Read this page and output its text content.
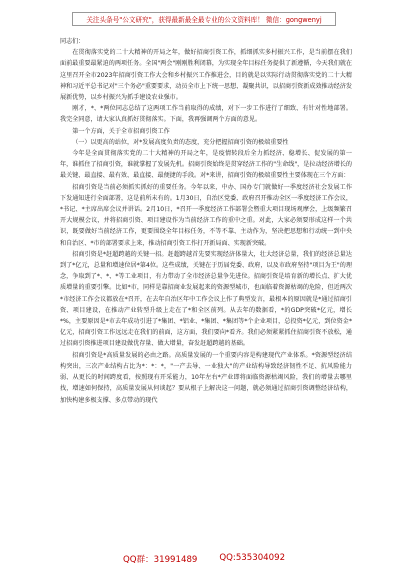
关注头条号"公文研究"，获得最新最全最专业的公文资料库！ 微信：gongwenyj

同志们：

在贯彻落实党的二十大精神的开局之年，做好招商引资工作，抓细抓实多村振兴工作，是当前摆在我们面前最重要最紧迫的两项任务。全国"两会"刚刚胜利闭幕，为实现全年目标任务提供了新遵循，今天我们就在这里召开全市2023年招商引资工作大会和乡村振兴工作推进会，目的就是以实际行动贯彻落实党的二十大精神和习近平总书记对"三个务必"重要要求，动员全市上下统一思想、凝聚共识，以招商引资新成效推动经济发展新优势，以乡村振兴为抓手建设农业强市。

刚才，*、*两位同志总结了这两项工作当前取得的成绩，对下一步工作进行了细致、有针对性地部署。我完全同意，请大家认真抓好贯彻落实。下面，我再强调两个方面的意见。

第一个方面，关于全市招商引资工作

（一）以更高的站位，对*发展高度负责的态度，充分把握招商引资的极端重要性

今年是全面贯彻落实党的二十大精神的开局之年，是疫情转段后全力抓经济、稳增长、促发展的第一年，谁抓住了招商引资，谁就掌握了发展先机。招商引资始终是贯穿经济工作的"生命线"，是拉动经济增长的最关键、最直接、最有效、最直接、最便捷的手段。对*来讲，招商引资的极端重要性主要体现在三个方面：

招商引资是当前必须抓实抓好的重要任务。今年以来，中办、国办专门就做好一季度经济社会发展工作下发通知进行全面部署，这是前所未有的。1月30日，自治区党委、政府召开推动全区一季度经济工作会议，*书记、*主席出席会议并讲话。2月10日，*召开一季度经济工作部署会暨重大项目现场观摩会，上级频繁召开大规模会议，并将招商引资、项目建设作为当前经济工作的重中之重。对此，大家必须要形成这样一个共识，既要做好当前经济工作，更要围绕全年目标任务，不等不靠、主动作为，坚决把思想和行动统一到中央和自治区、*市的部署要求上来，推动招商引资工作打开新局面、实现新突破。

招商引资是*赶超跨越的关键一招。赶超跨越首先要实现经济体量大，壮大经济总量，我们的经济总量达到了*亿元，总量和增速位居*第4位。这些成绩，关键在于历届党委、政府，以及市政府坚持"项目为王"的理念，争取到了*、*、*等工业项目，有力带动了全市经济总量争先进位。招商引资是培育新的增长点、扩大优质增量的重要引擎。比如*市，同样是靠招商业发展起来的资源型城市，也面临着资源枯竭的危险，但近两次*市经济工作会议都放在*召开，在去年自治区年中工作会议上作了典型发言，最根本的原因就是*通过招商引资、项目建设，在推动产业转型升级上走在了*和全区前列。从去年的数据看，*的GDP突破*亿元，增长*%，主要原因是*市去年成功引进了*集团、*铝业、*集团、*集团等*个企业项目，总投资*亿元，到位资金*亿元，招商引资工作远远走在我们的前面，这方面，我们要向*看齐。我们必须紧紧抓住招商引资不放松，通过招商引资推进项目建设做优存量、做大增量，奋发赶超跨越的基础。

招商引资是*高质量发展的必由之路。高质量发展的一个重要内容是构建现代产业体系。*资源型经济结构突出，三次产业结构占比为*：*：*，"一产去导、一业独大"的产业结构导致经济韧性不足、抗风险能力弱、从更长的时间跨度看，按照现有开采能力，10年左右*产业即将面临资源枯竭风险，我们的增量去哪里找，增速如何保持，高质量发展从何谈起？要从根子上解决这一问题，就必须通过招商引资调整经济结构，加快构建多极支撑、多点带动的现代

QQ群：31991489	QQ:535304092
